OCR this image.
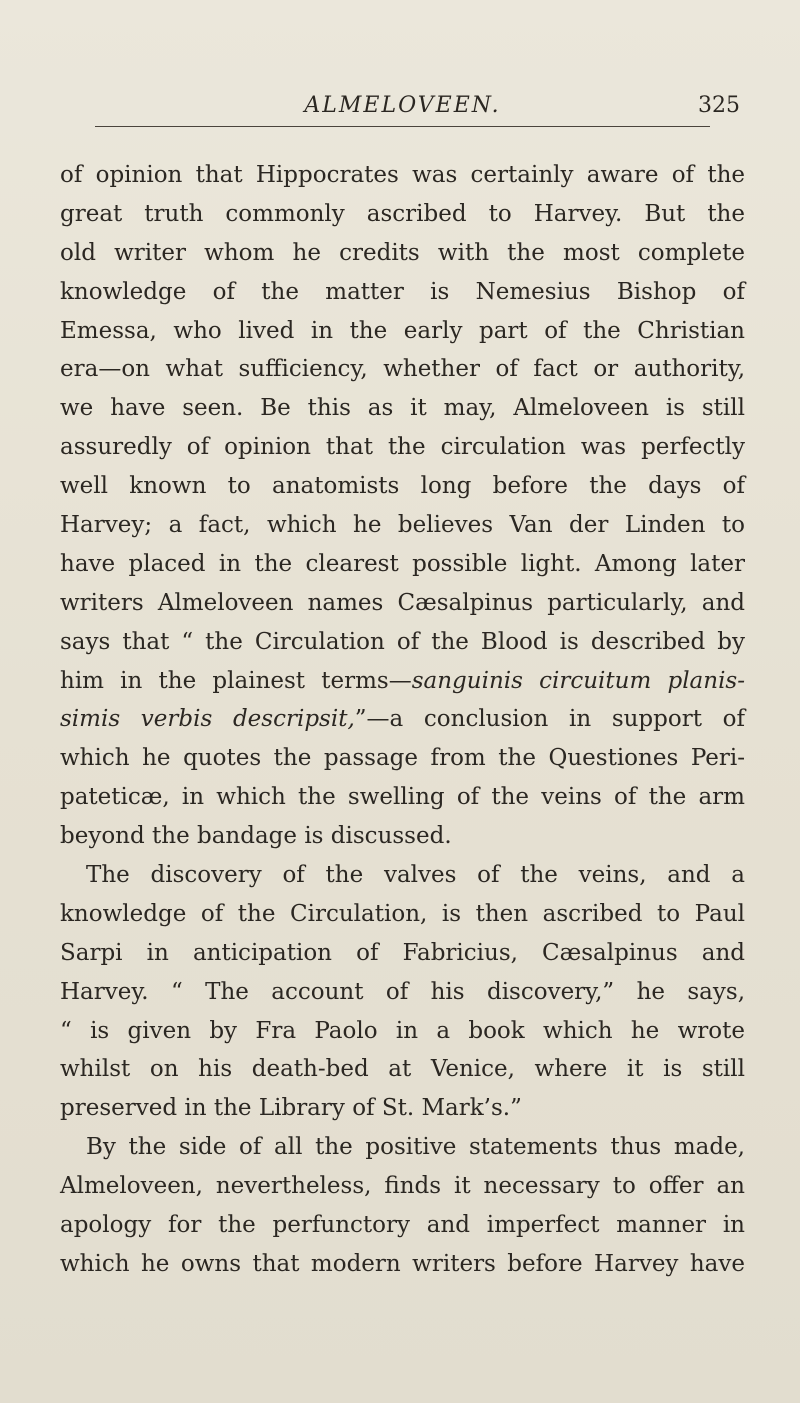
ALMELOVEEN.	325
of opinion that Hippocrates was certainly aware of the
great truth commonly ascribed to Harvey. But the
old writer whom he credits with the most complete
knowledge of the matter is Nemesius Bishop of
Emessa, who lived in the early part of the Christian
era—on what sufficiency, whether of fact or authority,
we have seen. Be this as it may, Almeloveen is still
assuredly of opinion that the circulation was perfectly
well known to anatomists long before the days of
Harvey; a fact, which he believes Van der Linden to
have placed in the clearest possible light. Among later
writers Almeloveen names Cæsalpinus particularly, and
says that “ the Circulation of the Blood is described by
him in the plainest terms—sanguinis circuitum planis-
simis verbis descripsit,”—a conclusion in support of
which he quotes the passage from the Questiones Peri-
pateticæ, in which the swelling of the veins of the arm
beyond the bandage is discussed.
The discovery of the valves of the veins, and a
knowledge of the Circulation, is then ascribed to Paul
Sarpi in anticipation of Fabricius, Cæsalpinus and
Harvey. “ The account of his discovery,” he says,
“ is given by Fra Paolo in a book which he wrote
whilst on his death-bed at Venice, where it is still
preserved in the Library of St. Mark’s.”
By the side of all the positive statements thus made,
Almeloveen, nevertheless, finds it necessary to offer an
apology for the perfunctory and imperfect manner in
which he owns that modern writers before Harvey have
